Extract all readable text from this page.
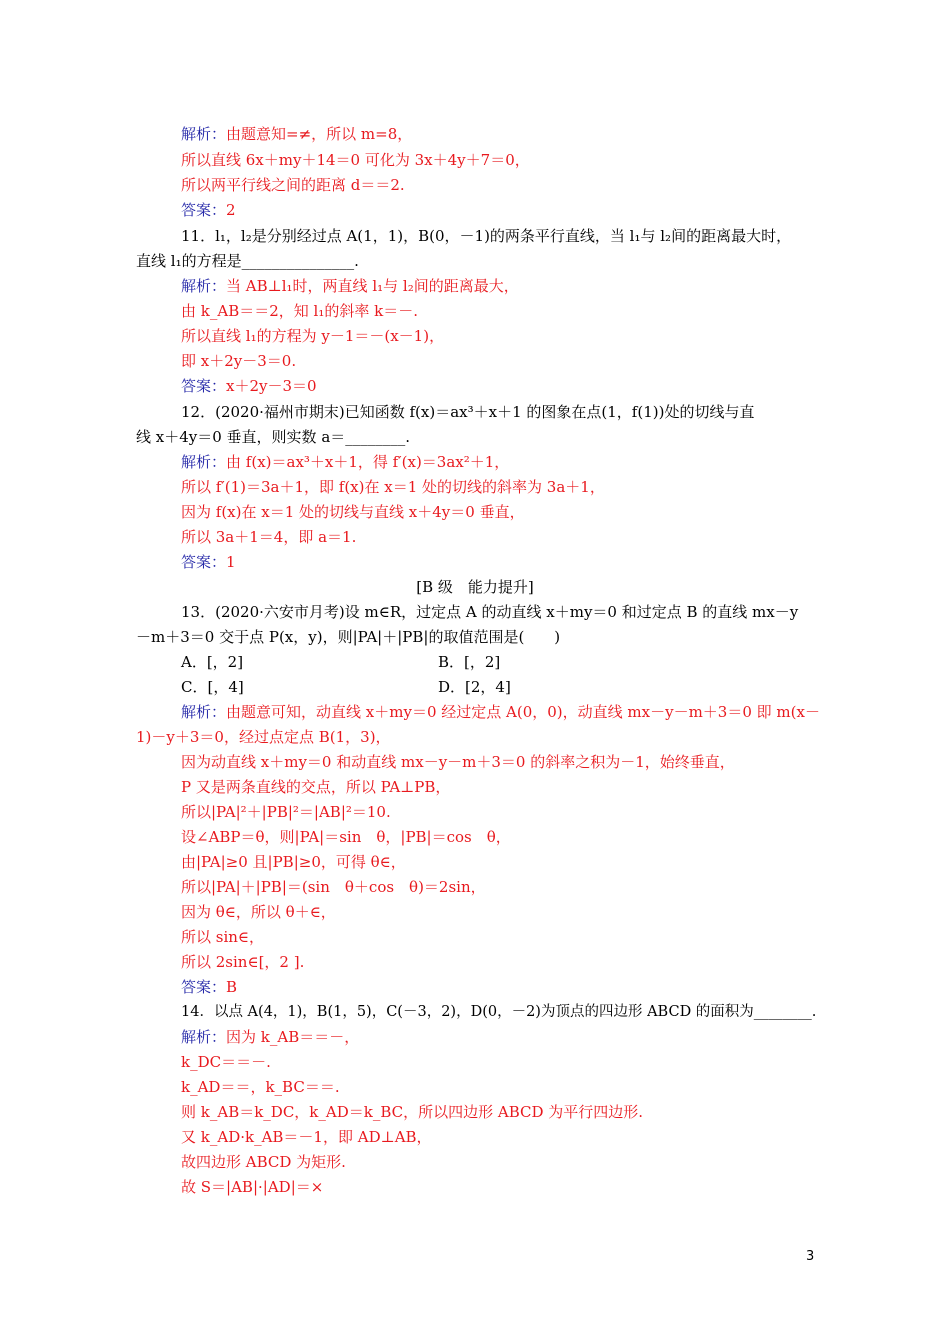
解析：由题意知=≠，所以 m=8，
所以直线 6x＋my＋14＝0 可化为 3x＋4y＋7＝0，
所以两平行线之间的距离 d＝＝2.
答案：2
11．l₁，l₂是分别经过点 A(1，1)，B(0，－1)的两条平行直线，当 l₁与 l₂间的距离最大时，
直线 l₁的方程是_______________.
解析：当 AB⊥l₁时，两直线 l₁与 l₂间的距离最大，
由 k_AB＝＝2，知 l₁的斜率 k＝－.
所以直线 l₁的方程为 y－1＝－(x－1)，
即 x＋2y－3＝0.
答案：x＋2y－3＝0
12．(2020·福州市期末)已知函数 f(x)＝ax³＋x＋1 的图象在点(1，f(1))处的切线与直
线 x＋4y＝0 垂直，则实数 a＝________.
解析：由 f(x)＝ax³＋x＋1，得 f′(x)＝3ax²＋1，
所以 f′(1)＝3a＋1，即 f(x)在 x＝1 处的切线的斜率为 3a＋1，
因为 f(x)在 x＝1 处的切线与直线 x＋4y＝0 垂直，
所以 3a＋1＝4，即 a＝1.
答案：1
[B 级　能力提升]
13．(2020·六安市月考)设 m∈R，过定点 A 的动直线 x＋my＝0 和过定点 B 的直线 mx－y
－m＋3＝0 交于点 P(x，y)，则|PA|＋|PB|的取值范围是(　　)
A．[，2]	B．[，2]
C．[，4]	D．[2，4]
解析：由题意可知，动直线 x＋my＝0 经过定点 A(0，0)，动直线 mx－y－m＋3＝0 即 m(x－
1)－y＋3＝0，经过点定点 B(1，3)，
因为动直线 x＋my＝0 和动直线 mx－y－m＋3＝0 的斜率之积为－1，始终垂直，
P 又是两条直线的交点，所以 PA⊥PB，
所以|PA|²＋|PB|²＝|AB|²＝10.
设∠ABP＝θ，则|PA|＝sin　θ，|PB|＝cos　θ，
由|PA|≥0 且|PB|≥0，可得 θ∈，
所以|PA|＋|PB|＝(sin　θ＋cos　θ)＝2sin，
因为 θ∈，所以 θ＋∈，
所以 sin∈，
所以 2sin∈[，2 ].
答案：B
14．以点 A(4，1)，B(1，5)，C(－3，2)，D(0，－2)为顶点的四边形 ABCD 的面积为________.
解析：因为 k_AB＝＝－，
k_DC＝＝－.
k_AD＝＝，k_BC＝＝.
则 k_AB＝k_DC，k_AD＝k_BC，所以四边形 ABCD 为平行四边形.
又 k_AD·k_AB＝－1，即 AD⊥AB，
故四边形 ABCD 为矩形.
故 S＝|AB|·|AD|＝×
3
